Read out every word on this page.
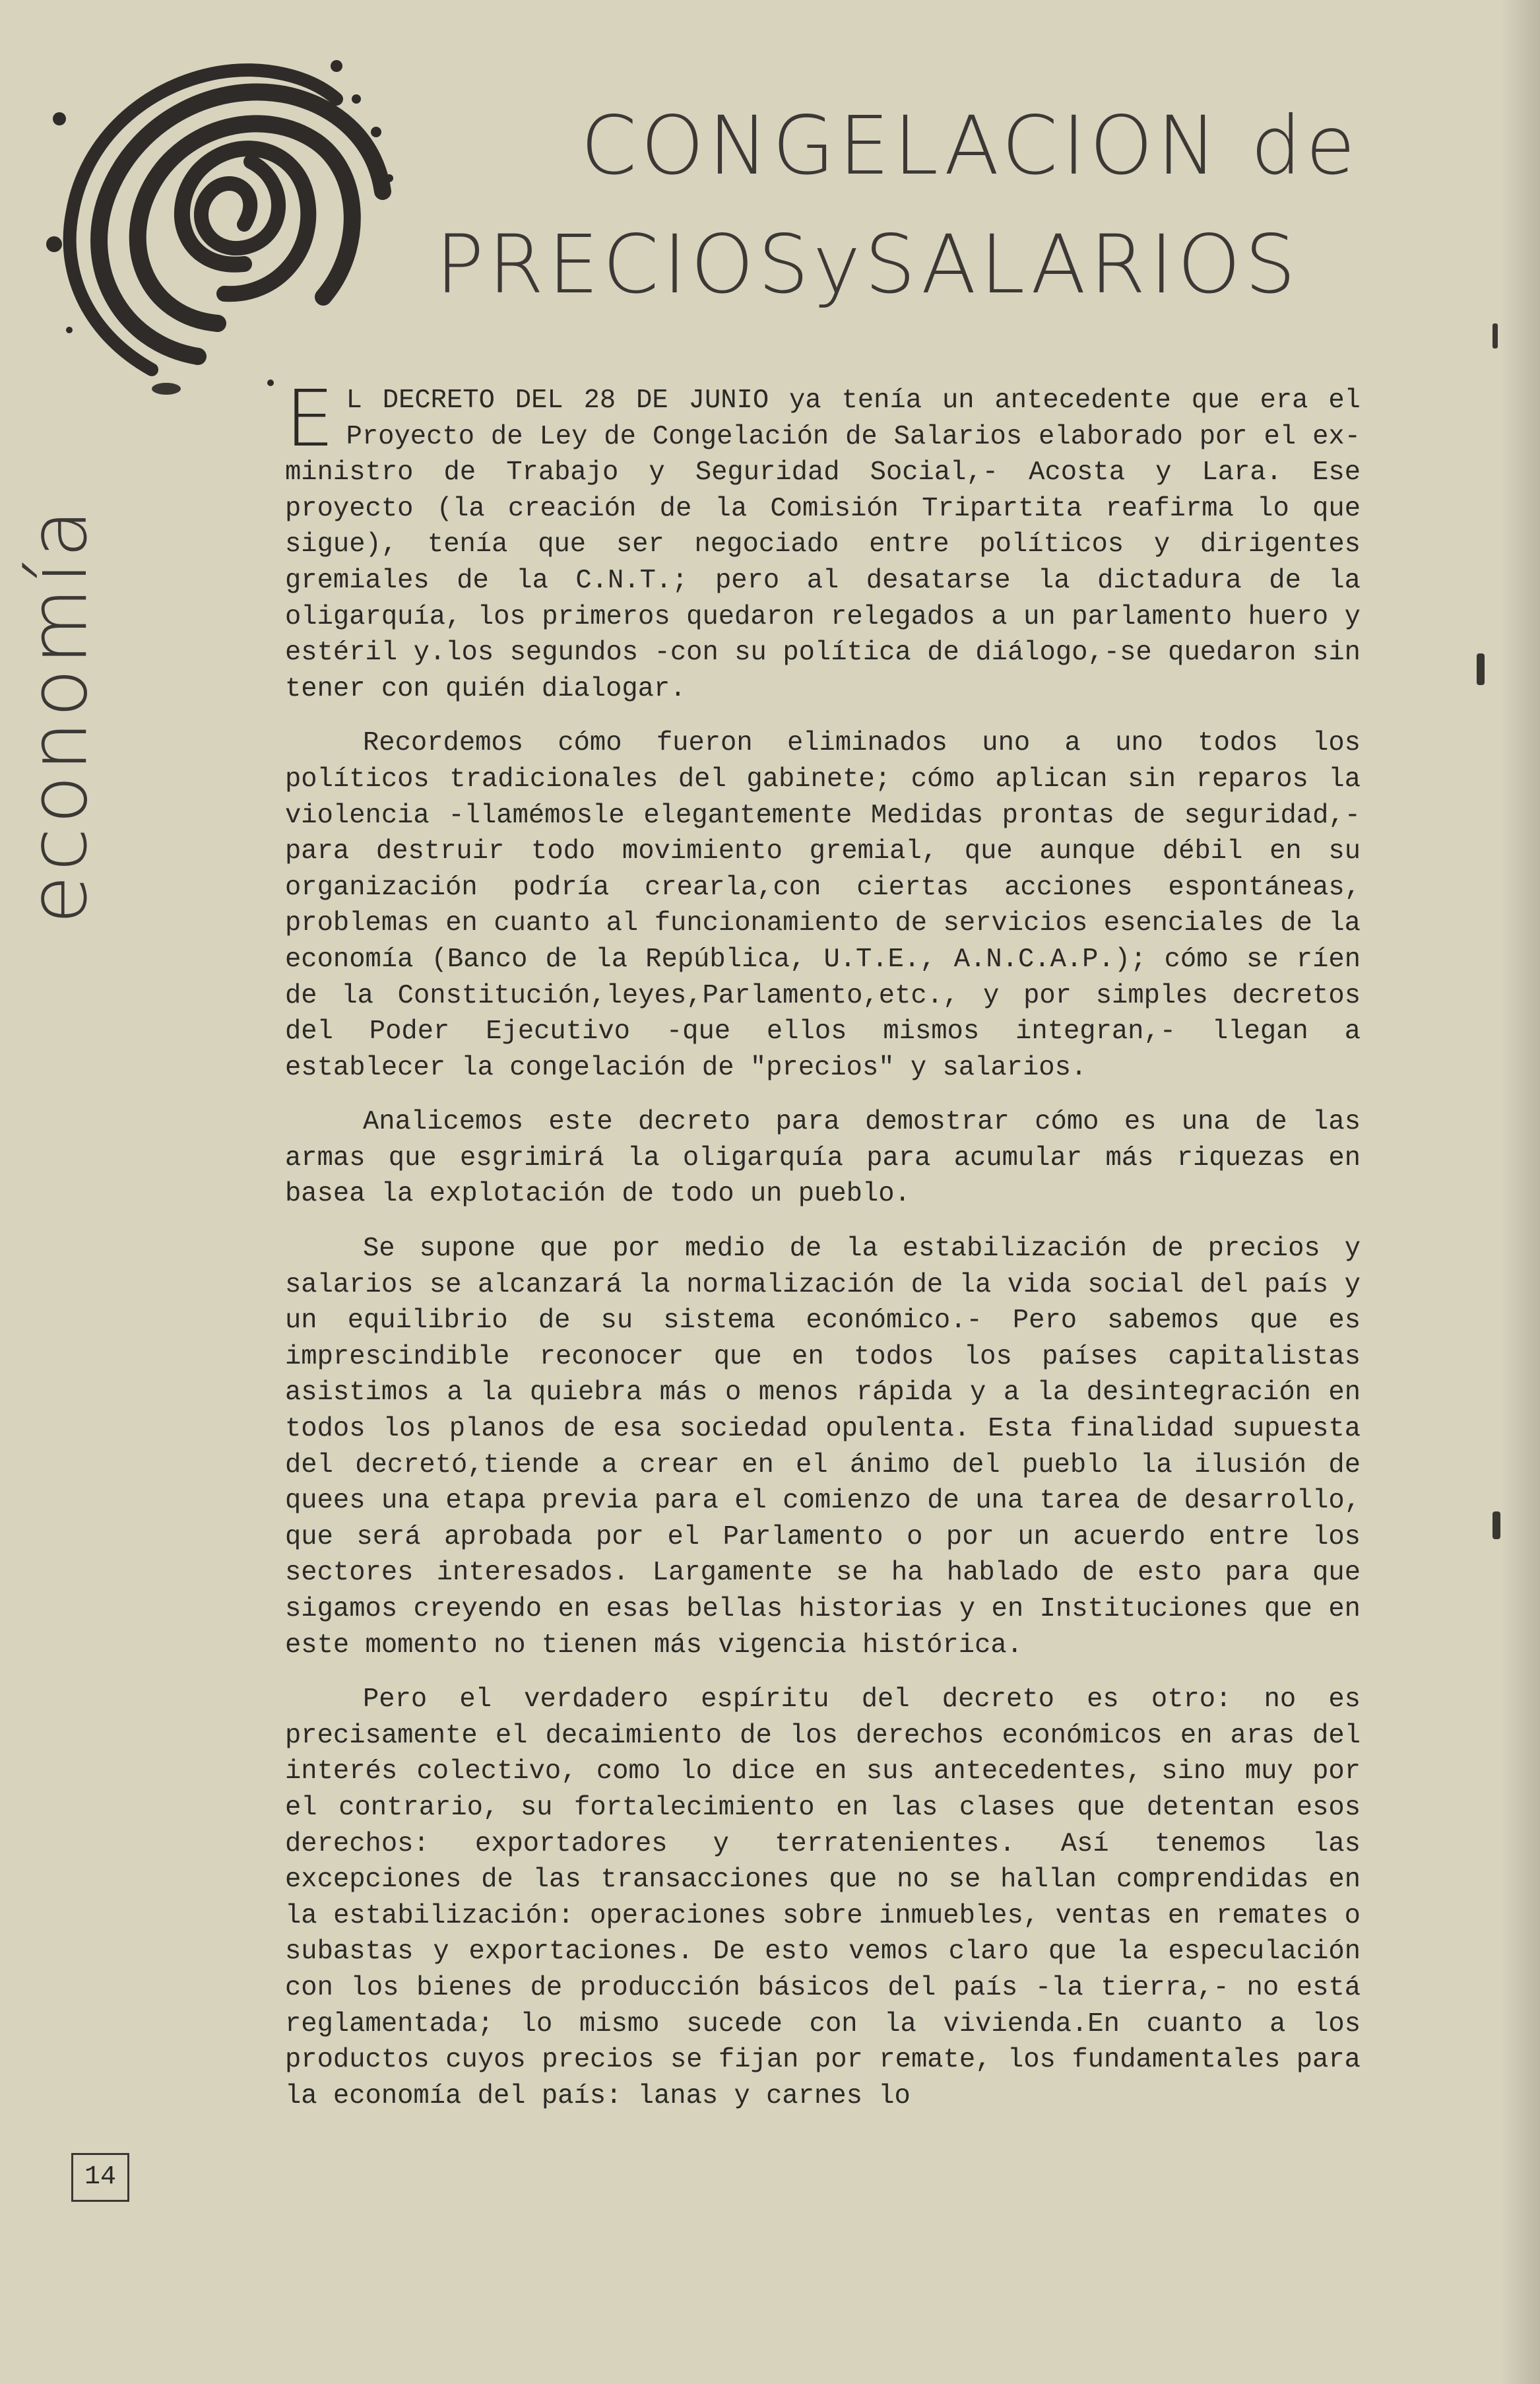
CONGELACION de
PRECIOSySALARIOS
economía

E L DECRETO DEL 28 DE JUNIO ya tenía un antecedente que era el Proyecto de Ley de Congelación de Salarios elaborado por el ex-ministro de Trabajo y Seguridad Social,- Acosta y Lara. Ese proyecto (la creación de la Comisión Tripartita reafirma lo que sigue), tenía que ser negociado entre políticos y dirigentes gremiales de la C.N.T.; pero al desatarse la dictadura de la oligarquía, los primeros quedaron relegados a un parlamento huero y estéril y.los segundos -con su política de diálogo,-se quedaron sin tener con quién dialogar.

Recordemos cómo fueron eliminados uno a uno todos los políticos tradicionales del gabinete; cómo aplican sin reparos la violencia -llamémosle elegantemente Medidas prontas de seguridad,- para destruir todo movimiento gremial, que aunque débil en su organización podría crearla,con ciertas acciones espontáneas, problemas en cuanto al funcionamiento de servicios esenciales de la economía (Banco de la República, U.T.E., A.N.C.A.P.); cómo se ríen de la Constitución,leyes,Parlamento,etc., y por simples decretos del Poder Ejecutivo -que ellos mismos integran,- llegan a establecer la congelación de "precios" y salarios.

Analicemos este decreto para demostrar cómo es una de las armas que esgrimirá la oligarquía para acumular más riquezas en basea la explotación de todo un pueblo.

Se supone que por medio de la estabilización de precios y salarios se alcanzará la normalización de la vida social del país y un equilibrio de su sistema económico.- Pero sabemos que es imprescindible reconocer que en todos los países capitalistas asistimos a la quiebra más o menos rápida y a la desintegración en todos los planos de esa sociedad opulenta. Esta finalidad supuesta del decretó,tiende a crear en el ánimo del pueblo la ilusión de quees una etapa previa para el comienzo de una tarea de desarrollo, que será aprobada por el Parlamento o por un acuerdo entre los sectores interesados. Largamente se ha hablado de esto para que sigamos creyendo en esas bellas historias y en Instituciones que en este momento no tienen más vigencia histórica.

Pero el verdadero espíritu del decreto es otro: no es precisamente el decaimiento de los derechos económicos en aras del interés colectivo, como lo dice en sus antecedentes, sino muy por el contrario, su fortalecimiento en las clases que detentan esos derechos: exportadores y terratenientes. Así tenemos las excepciones de las transacciones que no se hallan comprendidas en la estabilización: operaciones sobre inmuebles, ventas en remates o subastas y exportaciones. De esto vemos claro que la especulación con los bienes de producción básicos del país -la tierra,- no está reglamentada; lo mismo sucede con la vivienda.En cuanto a los productos cuyos precios se fijan por remate, los fundamentales para la economía del país: lanas y carnes lo

14
